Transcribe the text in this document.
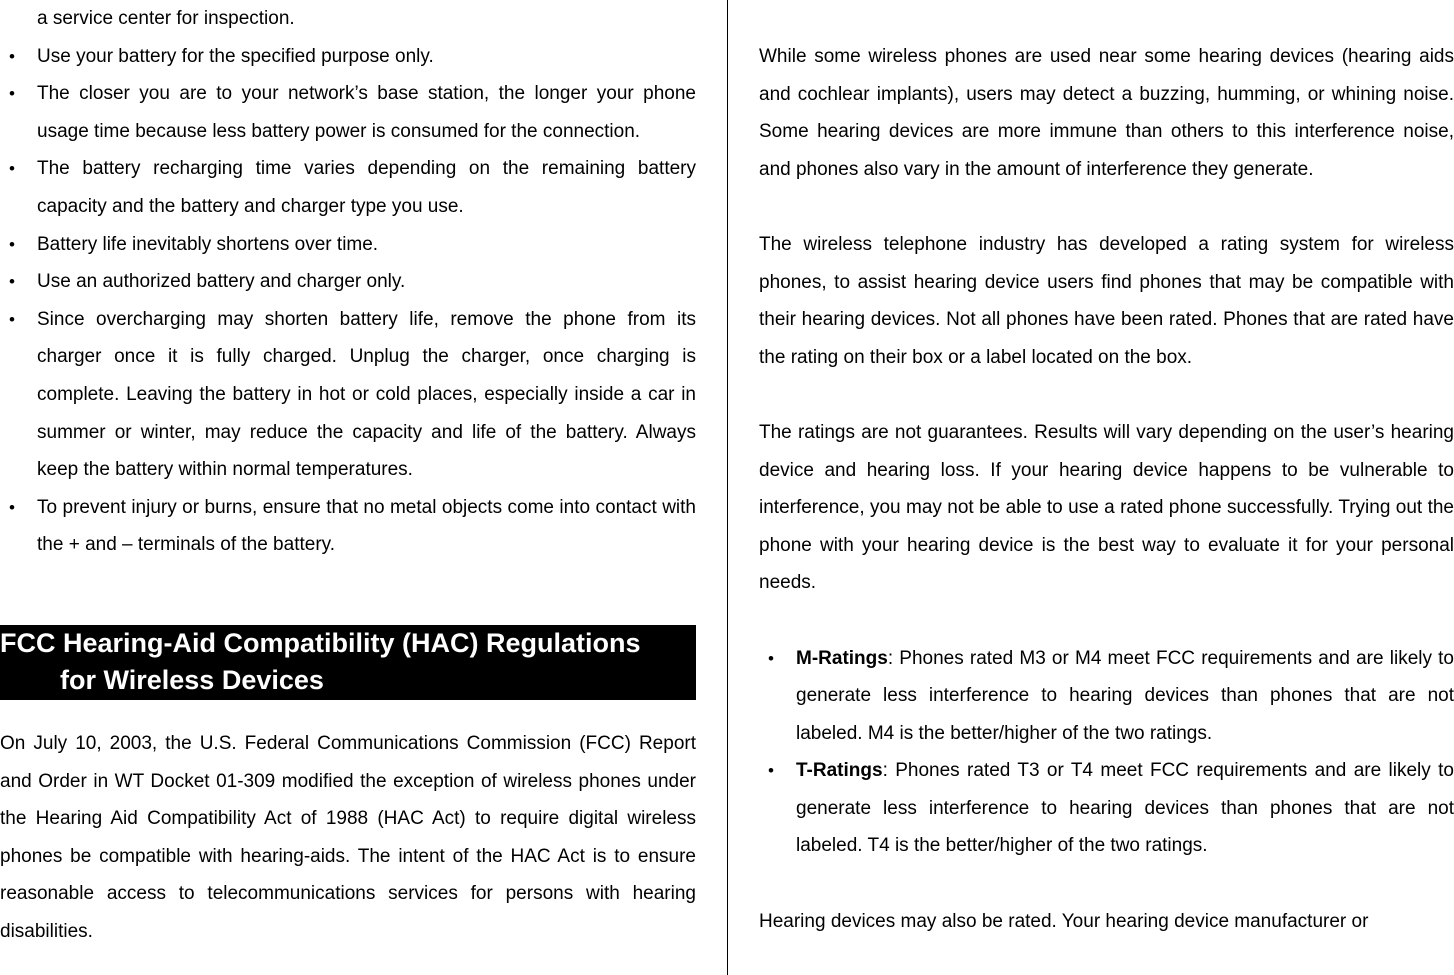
a service center for inspection.

•	Use your battery for the specified purpose only.
•	The closer you are to your network’s base station, the longer your phone usage time because less battery power is consumed for the connection.
•	The battery recharging time varies depending on the remaining battery capacity and the battery and charger type you use.
•	Battery life inevitably shortens over time.
•	Use an authorized battery and charger only.
•	Since overcharging may shorten battery life, remove the phone from its charger once it is fully charged. Unplug the charger, once charging is complete. Leaving the battery in hot or cold places, especially inside a car in summer or winter, may reduce the capacity and life of the battery. Always keep the battery within normal temperatures.
•	To prevent injury or burns, ensure that no metal objects come into contact with the + and – terminals of the battery.
FCC Hearing-Aid Compatibility (HAC) Regulations
for Wireless Devices

On July 10, 2003, the U.S. Federal Communications Commission (FCC) Report and Order in WT Docket 01-309 modified the exception of wireless phones under the Hearing Aid Compatibility Act of 1988 (HAC Act) to require digital wireless phones be compatible with hearing-aids. The intent of the HAC Act is to ensure reasonable access to telecommunications services for persons with hearing disabilities.

While some wireless phones are used near some hearing devices (hearing aids and cochlear implants), users may detect a buzzing, humming, or whining noise. Some hearing devices are more immune than others to this interference noise, and phones also vary in the amount of interference they generate.

The wireless telephone industry has developed a rating system for wireless phones, to assist hearing device users find phones that may be compatible with their hearing devices. Not all phones have been rated. Phones that are rated have the rating on their box or a label located on the box.

The ratings are not guarantees. Results will vary depending on the user’s hearing device and hearing loss. If your hearing device happens to be vulnerable to interference, you may not be able to use a rated phone successfully. Trying out the phone with your hearing device is the best way to evaluate it for your personal needs.

•	M-Ratings: Phones rated M3 or M4 meet FCC requirements and are likely to generate less interference to hearing devices than phones that are not labeled. M4 is the better/higher of the two ratings.
•	T-Ratings: Phones rated T3 or T4 meet FCC requirements and are likely to generate less interference to hearing devices than phones that are not labeled. T4 is the better/higher of the two ratings.

Hearing devices may also be rated. Your hearing device manufacturer or
